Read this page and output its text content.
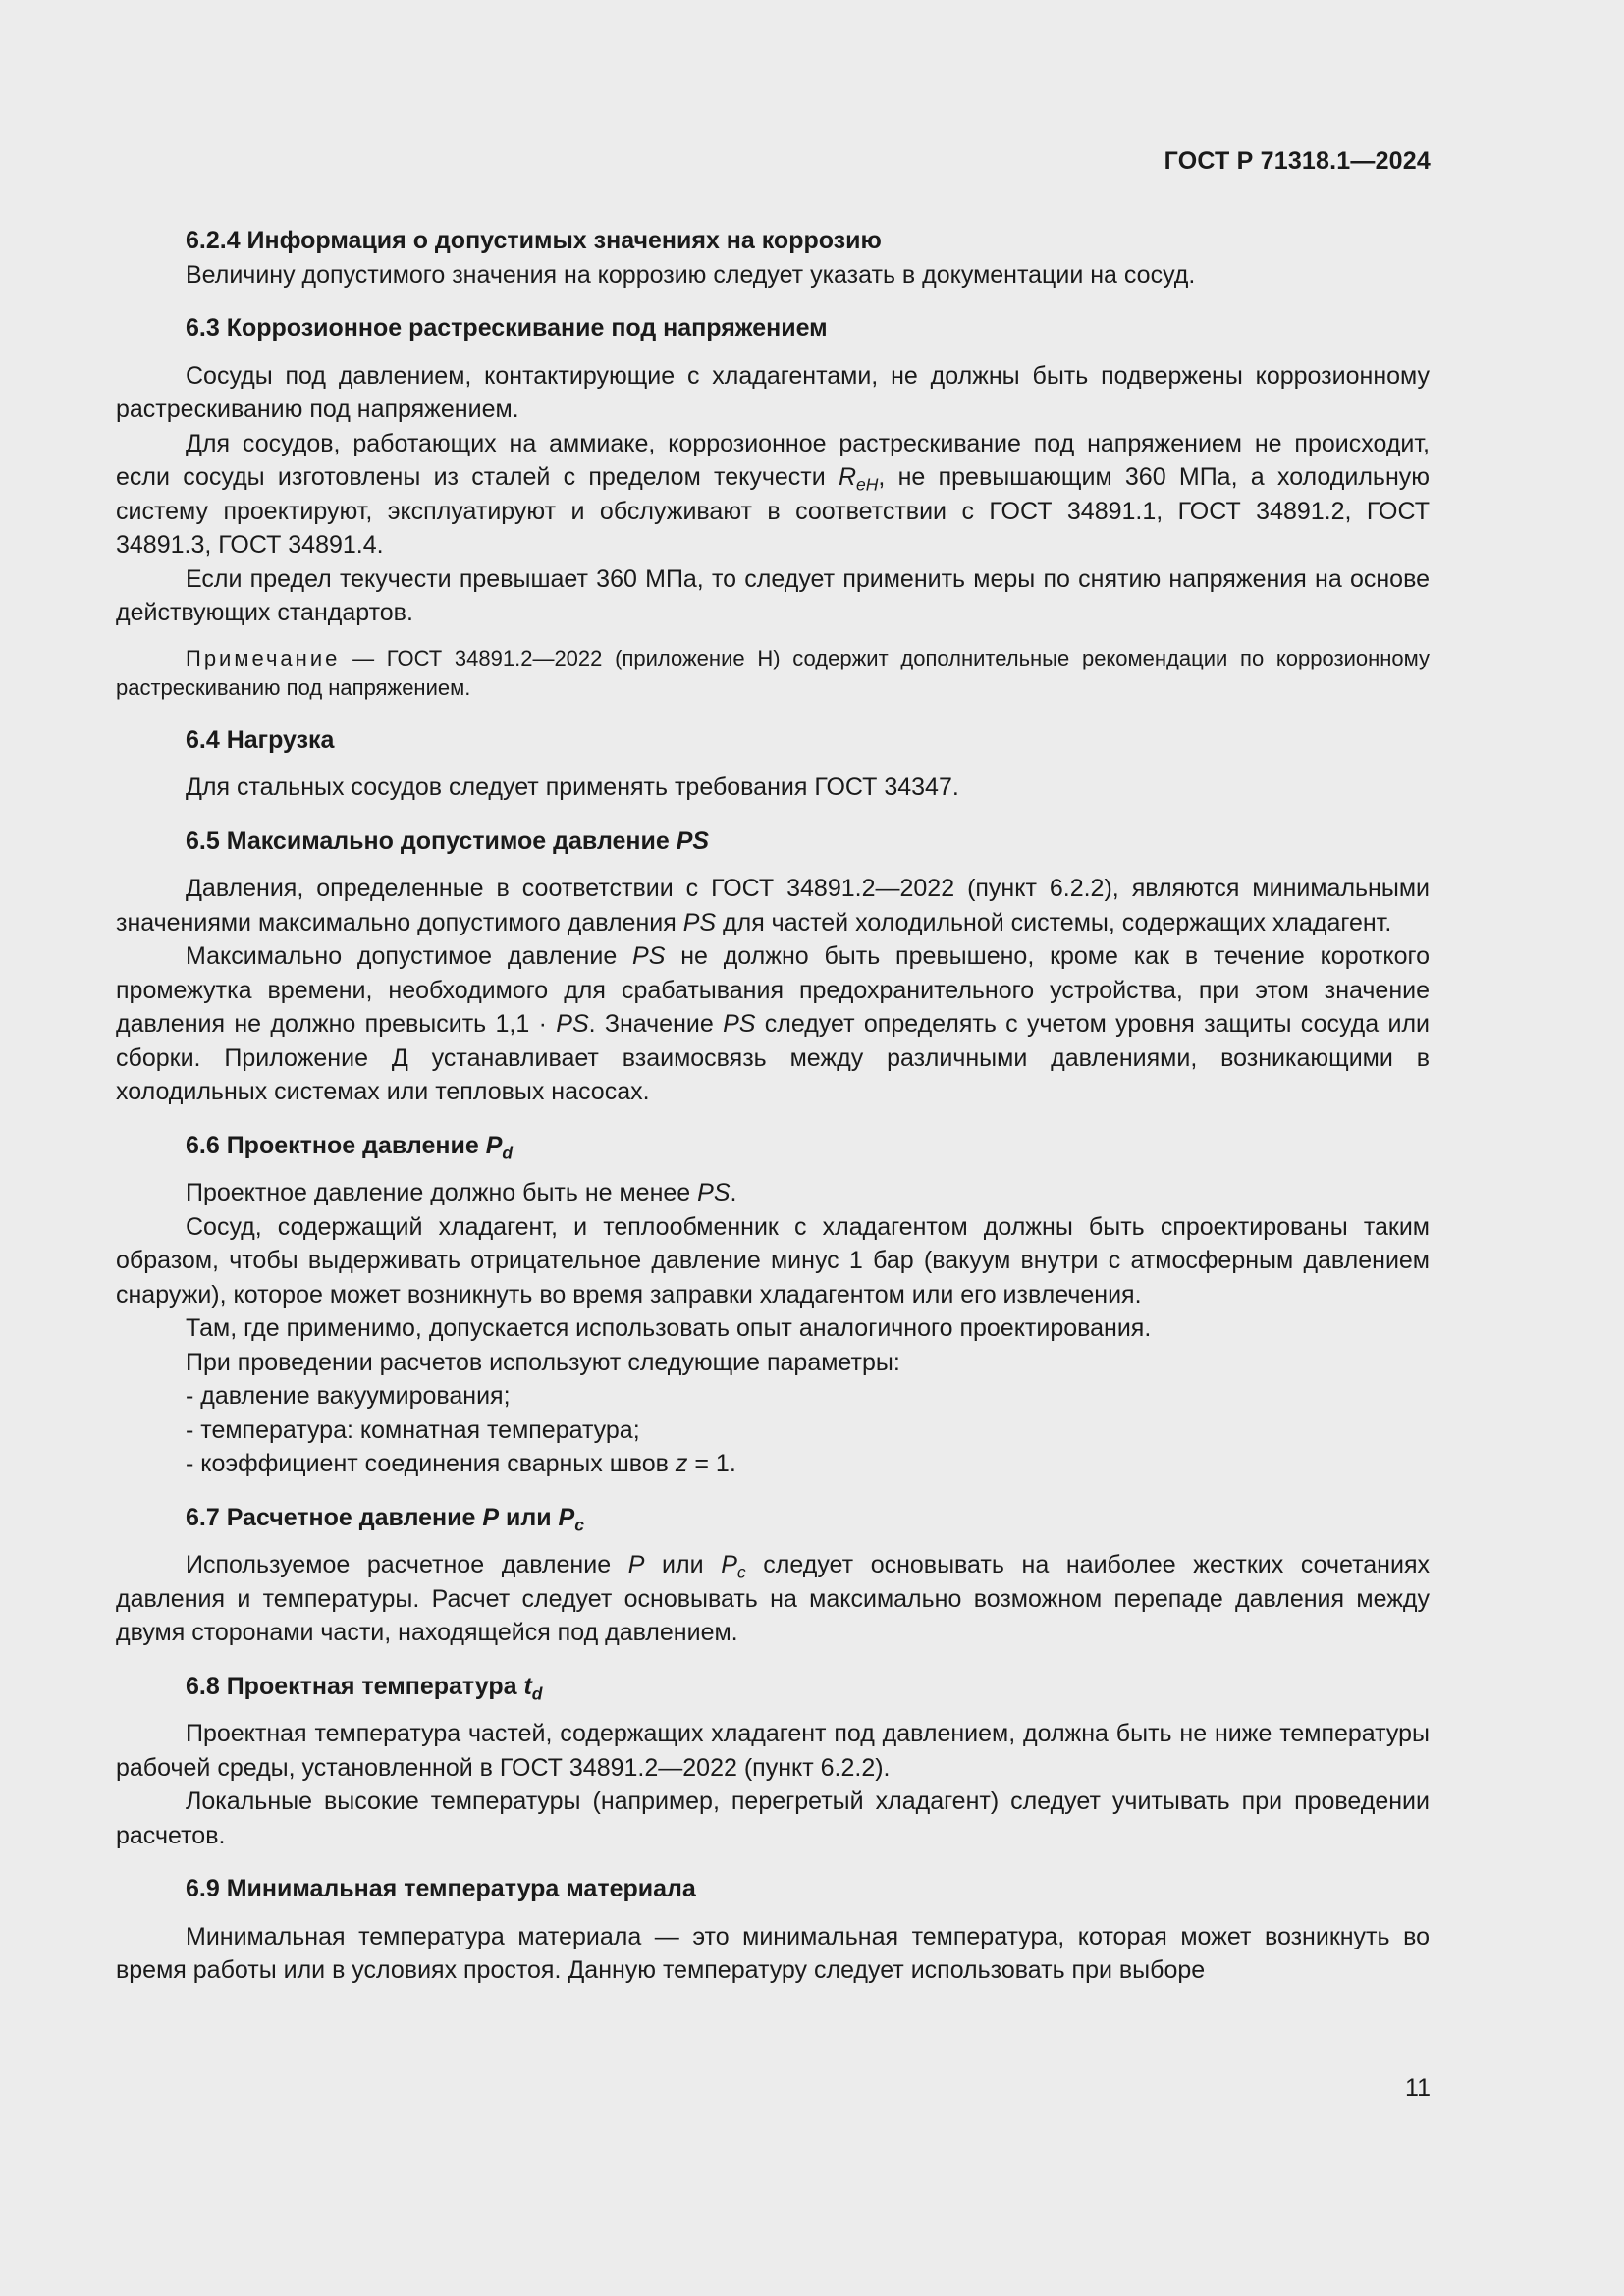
ГОСТ Р 71318.1—2024
6.2.4 Информация о допустимых значениях на коррозию

Величину допустимого значения на коррозию следует указать в документации на сосуд.

6.3 Коррозионное растрескивание под напряжением

Сосуды под давлением, контактирующие с хладагентами, не должны быть подвержены коррозионному растрескиванию под напряжением.

Для сосудов, работающих на аммиаке, коррозионное растрескивание под напряжением не происходит, если сосуды изготовлены из сталей с пределом текучести $R_{eH}$, не превышающим 360 МПа, а холодильную систему проектируют, эксплуатируют и обслуживают в соответствии с ГОСТ 34891.1, ГОСТ 34891.2, ГОСТ 34891.3, ГОСТ 34891.4.

Если предел текучести превышает 360 МПа, то следует применить меры по снятию напряжения на основе действующих стандартов.

Примечание — ГОСТ 34891.2—2022 (приложение Н) содержит дополнительные рекомендации по коррозионному растрескиванию под напряжением.

6.4 Нагрузка

Для стальных сосудов следует применять требования ГОСТ 34347.

6.5 Максимально допустимое давление PS

Давления, определенные в соответствии с ГОСТ 34891.2—2022 (пункт 6.2.2), являются минимальными значениями максимально допустимого давления PS для частей холодильной системы, содержащих хладагент.

Максимально допустимое давление PS не должно быть превышено, кроме как в течение короткого промежутка времени, необходимого для срабатывания предохранительного устройства, при этом значение давления не должно превысить 1,1 · PS. Значение PS следует определять с учетом уровня защиты сосуда или сборки. Приложение Д устанавливает взаимосвязь между различными давлениями, возникающими в холодильных системах или тепловых насосах.

6.6 Проектное давление $P_d$

Проектное давление должно быть не менее PS.

Сосуд, содержащий хладагент, и теплообменник с хладагентом должны быть спроектированы таким образом, чтобы выдерживать отрицательное давление минус 1 бар (вакуум внутри с атмосферным давлением снаружи), которое может возникнуть во время заправки хладагентом или его извлечения.

Там, где применимо, допускается использовать опыт аналогичного проектирования.

При проведении расчетов используют следующие параметры:

- давление вакуумирования;
- температура: комнатная температура;
- коэффициент соединения сварных швов z = 1.
6.7 Расчетное давление P или $P_c$

Используемое расчетное давление P или $P_c$ следует основывать на наиболее жестких сочетаниях давления и температуры. Расчет следует основывать на максимально возможном перепаде давления между двумя сторонами части, находящейся под давлением.

6.8 Проектная температура $t_d$

Проектная температура частей, содержащих хладагент под давлением, должна быть не ниже температуры рабочей среды, установленной в ГОСТ 34891.2—2022 (пункт 6.2.2).

Локальные высокие температуры (например, перегретый хладагент) следует учитывать при проведении расчетов.

6.9 Минимальная температура материала

Минимальная температура материала — это минимальная температура, которая может возникнуть во время работы или в условиях простоя. Данную температуру следует использовать при выборе

11
